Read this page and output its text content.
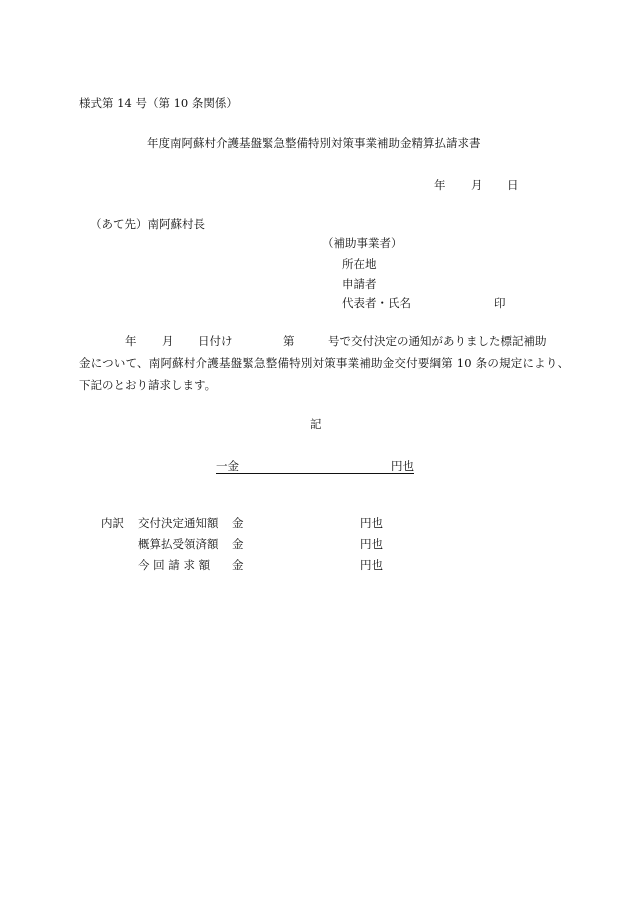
様式第 14 号（第 10 条関係）
年度南阿蘇村介護基盤緊急整備特別対策事業補助金精算払請求書
年 月 日
（あて先）南阿蘇村長
（補助事業者）
所在地
申請者
代表者・氏名	印
年 月 日付け	第	号で交付決定の通知がありました標記補助
金について、南阿蘇村介護基盤緊急整備特別対策事業補助金交付要綱第 10 条の規定により、
下記のとおり請求します。
記
一金	円也
内訳 交付決定通知額 金	円也
概算払受領済額 金	円也
今 回 請 求 額 金	円也
